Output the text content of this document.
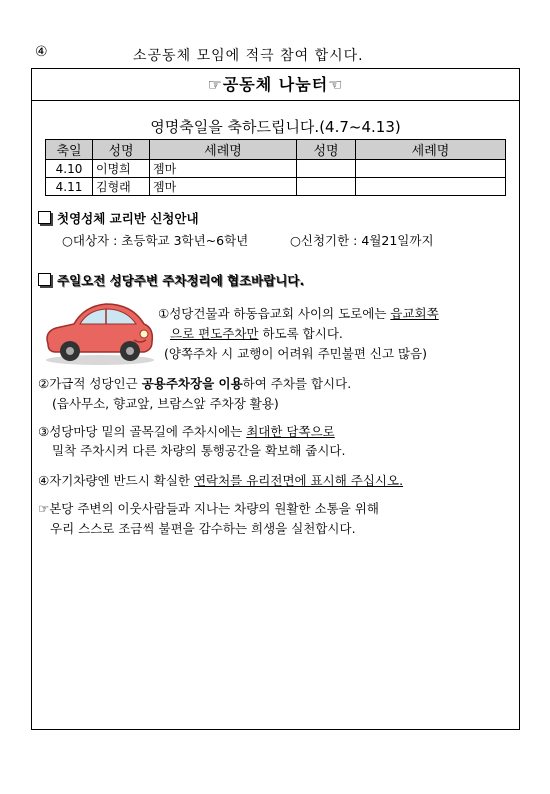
④	소공동체 모임에 적극 참여 합시다.
☞공동체 나눔터☜
영명축일을 축하드립니다.(4.7~4.13)
축일	성명	세례명	성명	세례명
4.10	이명희	젬마		
4.11	김형래	젬마		
첫영성체 교리반 신청안내
○대상자 : 초등학교 3학년~6학년	○신청기한 : 4월21일까지
주일오전 성당주변 주차정리에 협조바랍니다.
①성당건물과 하동읍교회 사이의 도로에는 읍교회쪽
으로 편도주차만 하도록 합시다.
(양쪽주차 시 교행이 어려워 주민불편 신고 많음)
②가급적 성당인근 공용주차장을 이용하여 주차를 합시다.
(읍사무소, 향교앞, 브람스앞 주차장 활용)
③성당마당 밑의 골목길에 주차시에는 최대한 담쪽으로
밀착 주차시켜 다른 차량의 통행공간을 확보해 줍시다.
④자기차량엔 반드시 확실한 연락처를 유리전면에 표시해 주십시오.
☞본당 주변의 이웃사람들과 지나는 차량의 원활한 소통을 위해
우리 스스로 조금씩 불편을 감수하는 희생을 실천합시다.
